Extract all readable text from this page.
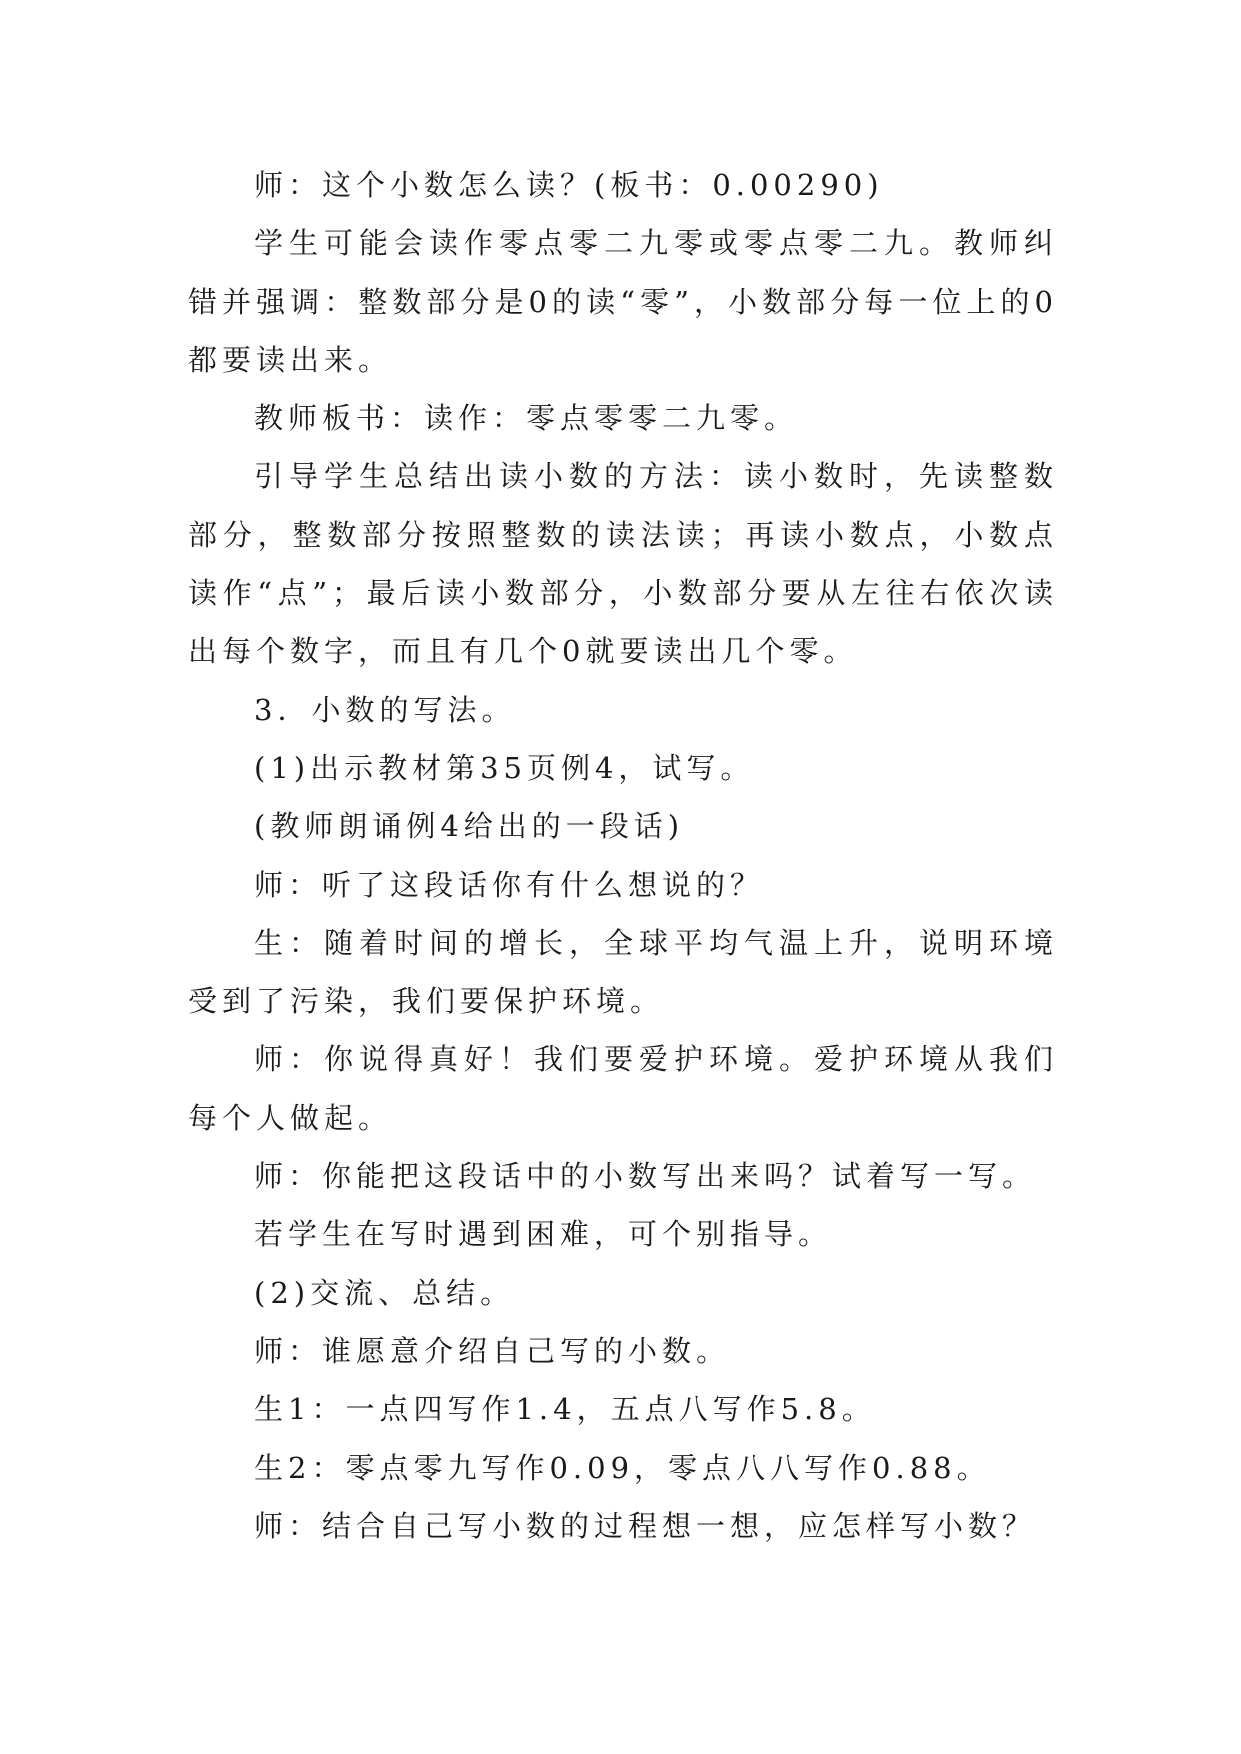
师：这个小数怎么读？(板书：0.00290)

学生可能会读作零点零二九零或零点零二九。教师纠错并强调：整数部分是0的读“零”，小数部分每一位上的0都要读出来。

教师板书：读作：零点零零二九零。

引导学生总结出读小数的方法：读小数时，先读整数部分，整数部分按照整数的读法读；再读小数点，小数点读作“点”；最后读小数部分，小数部分要从左往右依次读出每个数字，而且有几个0就要读出几个零。

3．小数的写法。

(1)出示教材第35页例4，试写。

(教师朗诵例4给出的一段话)

师：听了这段话你有什么想说的？

生：随着时间的增长，全球平均气温上升，说明环境受到了污染，我们要保护环境。

师：你说得真好！我们要爱护环境。爱护环境从我们每个人做起。

师：你能把这段话中的小数写出来吗？试着写一写。

若学生在写时遇到困难，可个别指导。

(2)交流、总结。

师：谁愿意介绍自己写的小数。

生1：一点四写作1.4，五点八写作5.8。

生2：零点零九写作0.09，零点八八写作0.88。

师：结合自己写小数的过程想一想，应怎样写小数？
